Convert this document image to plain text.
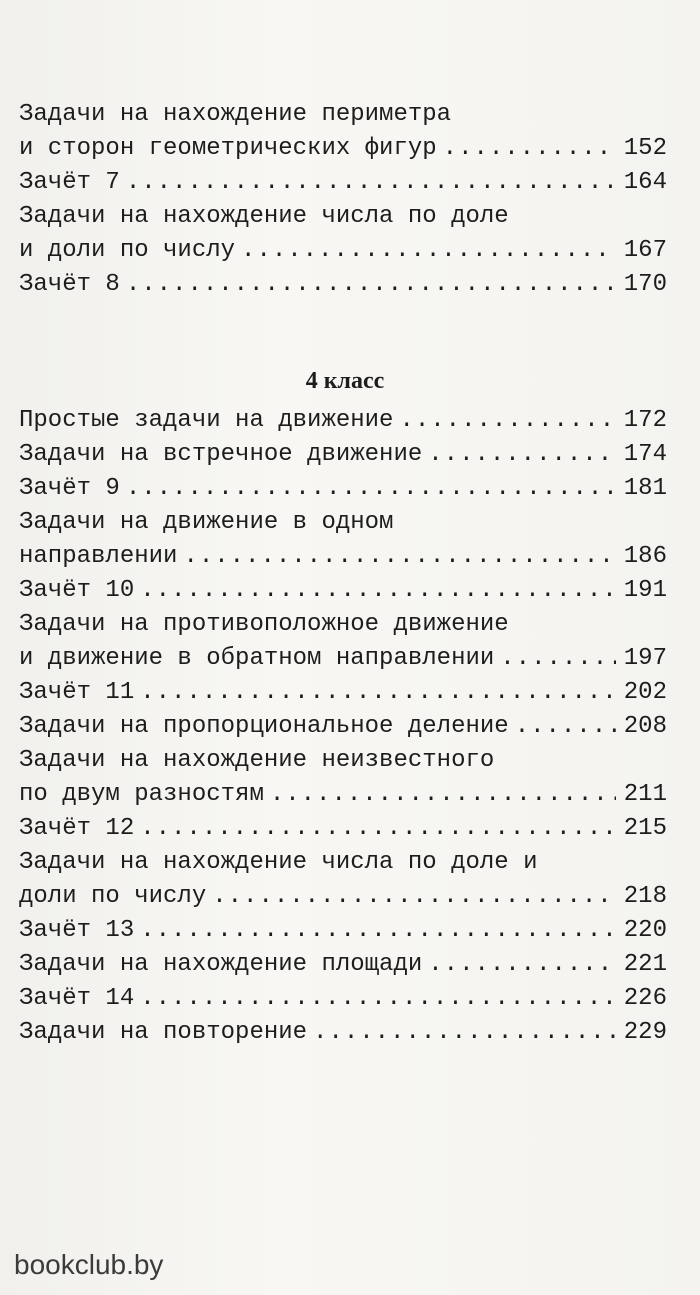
Задачи на нахождение периметра
и сторон геометрических фигур .....	152
Зачёт 7 .....	164
Задачи на нахождение числа по доле
и доли по числу .....	167
Зачёт 8 .....	170
4 класс
Простые задачи на движение .....	172
Задачи на встречное движение .....	174
Зачёт 9 .....	181
Задачи на движение в одном
направлении .....	186
Зачёт 10 .....	191
Задачи на противоположное движение
и движение в обратном направлении .....	197
Зачёт 11 .....	202
Задачи на пропорциональное деление .....	208
Задачи на нахождение неизвестного
по двум разностям .....	211
Зачёт 12 .....	215
Задачи на нахождение числа по доле и
доли по числу .....	218
Зачёт 13 .....	220
Задачи на нахождение площади .....	221
Зачёт 14 .....	226
Задачи на повторение .....	229
bookclub.by
